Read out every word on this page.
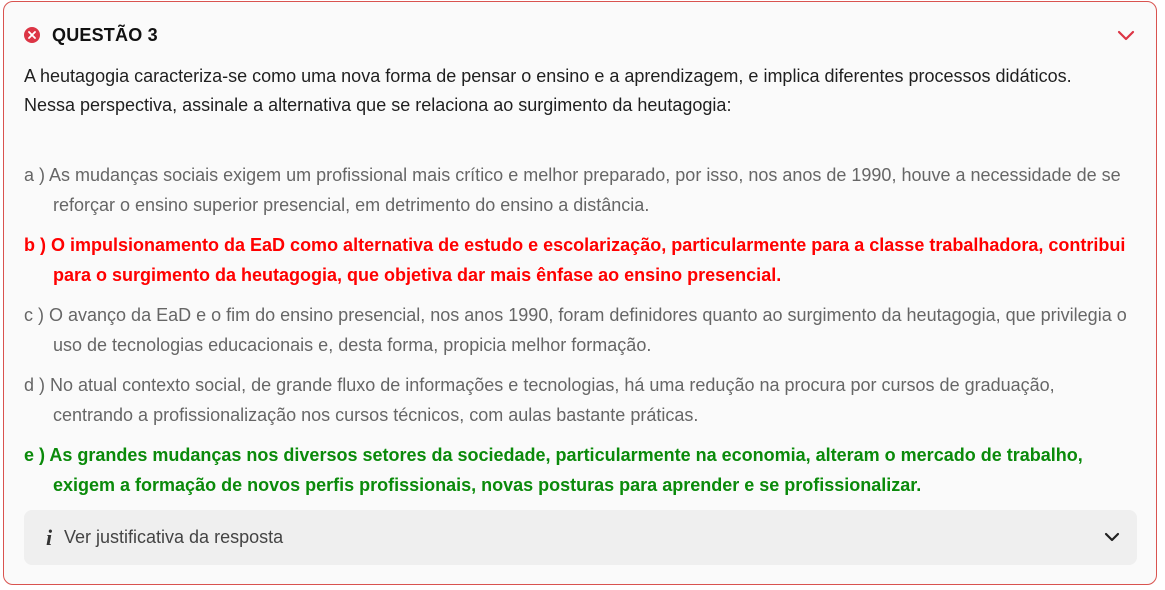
QUESTÃO 3

A heutagogia caracteriza-se como uma nova forma de pensar o ensino e a aprendizagem, e implica diferentes processos didáticos.

Nessa perspectiva, assinale a alternativa que se relaciona ao surgimento da heutagogia:

a ) As mudanças sociais exigem um profissional mais crítico e melhor preparado, por isso, nos anos de 1990, houve a necessidade de se reforçar o ensino superior presencial, em detrimento do ensino a distância.
b ) O impulsionamento da EaD como alternativa de estudo e escolarização, particularmente para a classe trabalhadora, contribui para o surgimento da heutagogia, que objetiva dar mais ênfase ao ensino presencial.
c ) O avanço da EaD e o fim do ensino presencial, nos anos 1990, foram definidores quanto ao surgimento da heutagogia, que privilegia o uso de tecnologias educacionais e, desta forma, propicia melhor formação.
d ) No atual contexto social, de grande fluxo de informações e tecnologias, há uma redução na procura por cursos de graduação, centrando a profissionalização nos cursos técnicos, com aulas bastante práticas.
e ) As grandes mudanças nos diversos setores da sociedade, particularmente na economia, alteram o mercado de trabalho, exigem a formação de novos perfis profissionais, novas posturas para aprender e se profissionalizar.
i Ver justificativa da resposta
